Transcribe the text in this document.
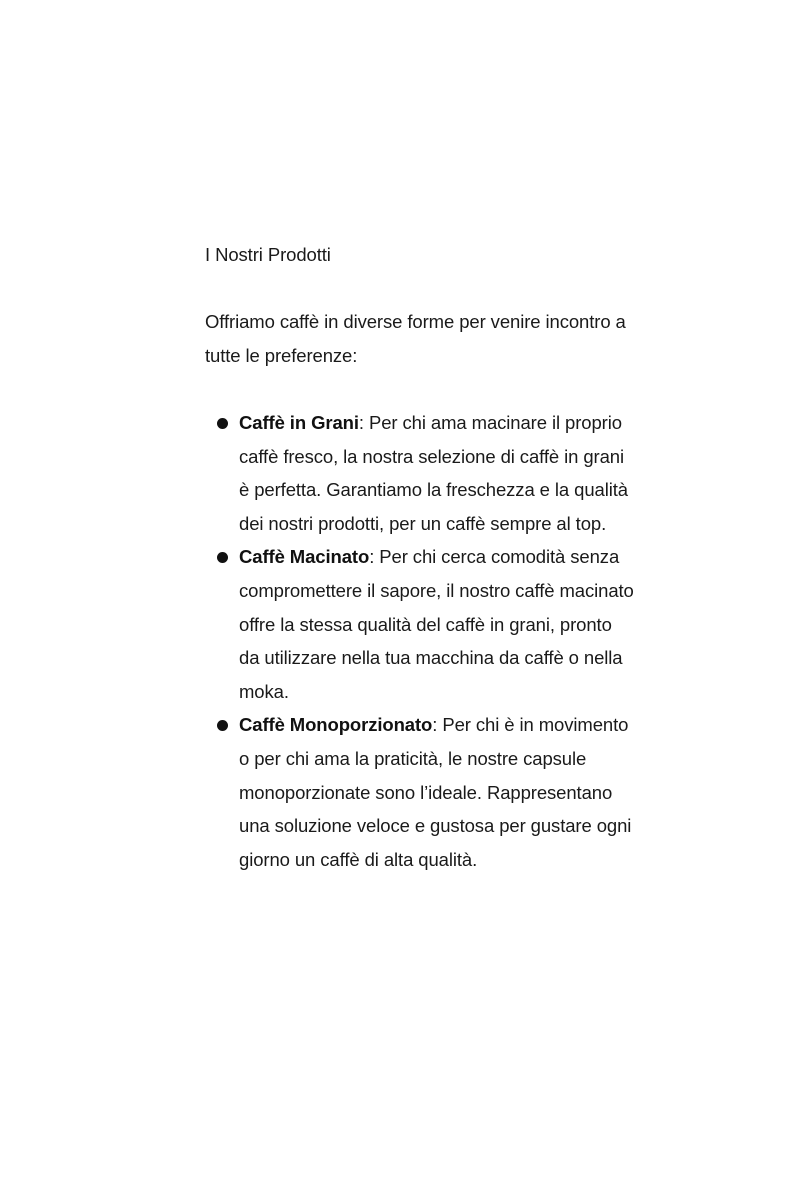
I Nostri Prodotti

Offriamo caffè in diverse forme per venire incontro a tutte le preferenze:

Caffè in Grani: Per chi ama macinare il proprio caffè fresco, la nostra selezione di caffè in grani è perfetta. Garantiamo la freschezza e la qualità dei nostri prodotti, per un caffè sempre al top.
Caffè Macinato: Per chi cerca comodità senza compromettere il sapore, il nostro caffè macinato offre la stessa qualità del caffè in grani, pronto da utilizzare nella tua macchina da caffè o nella moka.
Caffè Monoporzionato: Per chi è in movimento o per chi ama la praticità, le nostre capsule monoporzionate sono l’ideale. Rappresentano una soluzione veloce e gustosa per gustare ogni giorno un caffè di alta qualità.
